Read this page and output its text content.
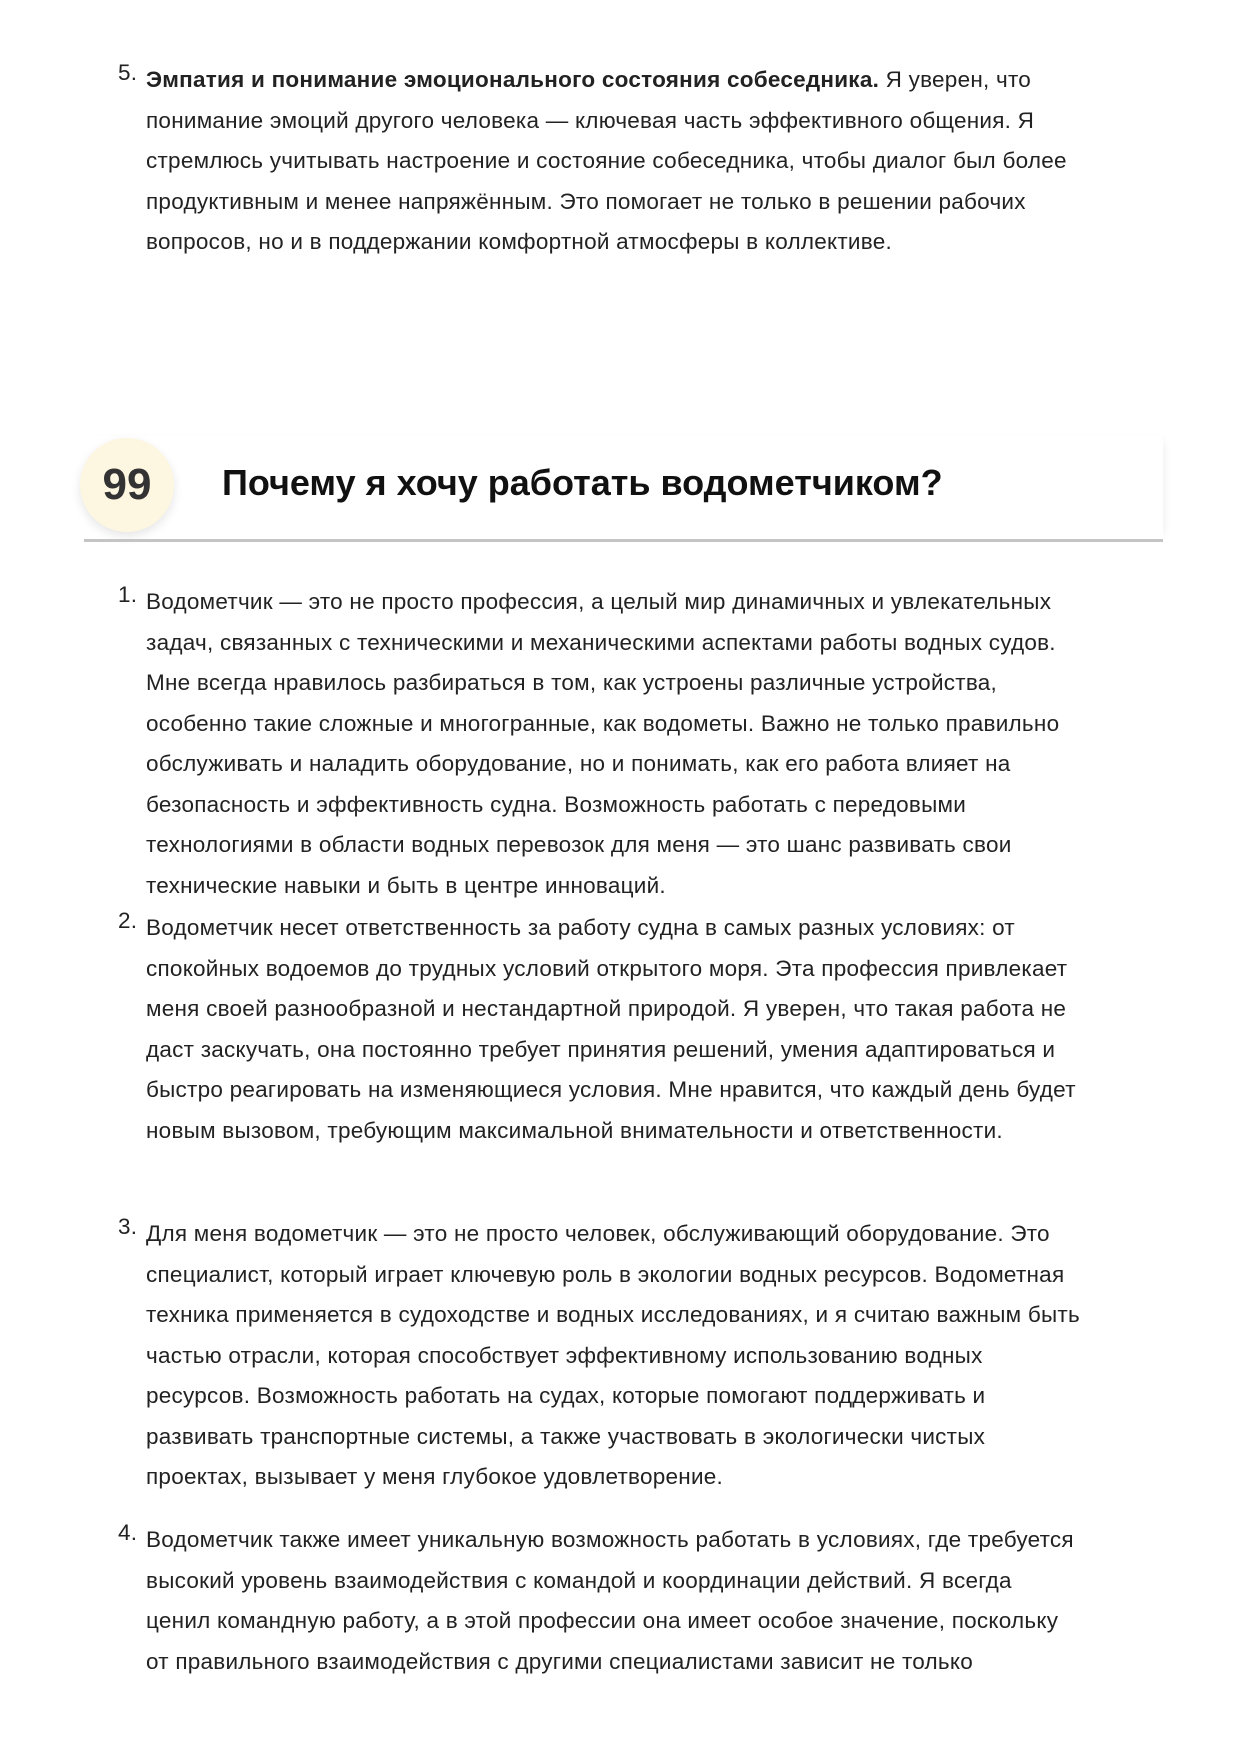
5. Эмпатия и понимание эмоционального состояния собеседника. Я уверен, что
понимание эмоций другого человека — ключевая часть эффективного общения. Я
стремлюсь учитывать настроение и состояние собеседника, чтобы диалог был более
продуктивным и менее напряжённым. Это помогает не только в решении рабочих
вопросов, но и в поддержании комфортной атмосферы в коллективе.
99	Почему я хочу работать водометчиком?
1. Водометчик — это не просто профессия, а целый мир динамичных и увлекательных
задач, связанных с техническими и механическими аспектами работы водных судов.
Мне всегда нравилось разбираться в том, как устроены различные устройства,
особенно такие сложные и многогранные, как водометы. Важно не только правильно
обслуживать и наладить оборудование, но и понимать, как его работа влияет на
безопасность и эффективность судна. Возможность работать с передовыми
технологиями в области водных перевозок для меня — это шанс развивать свои
технические навыки и быть в центре инноваций.
2. Водометчик несет ответственность за работу судна в самых разных условиях: от
спокойных водоемов до трудных условий открытого моря. Эта профессия привлекает
меня своей разнообразной и нестандартной природой. Я уверен, что такая работа не
даст заскучать, она постоянно требует принятия решений, умения адаптироваться и
быстро реагировать на изменяющиеся условия. Мне нравится, что каждый день будет
новым вызовом, требующим максимальной внимательности и ответственности.
3. Для меня водометчик — это не просто человек, обслуживающий оборудование. Это
специалист, который играет ключевую роль в экологии водных ресурсов. Водометная
техника применяется в судоходстве и водных исследованиях, и я считаю важным быть
частью отрасли, которая способствует эффективному использованию водных
ресурсов. Возможность работать на судах, которые помогают поддерживать и
развивать транспортные системы, а также участвовать в экологически чистых
проектах, вызывает у меня глубокое удовлетворение.
4. Водометчик также имеет уникальную возможность работать в условиях, где требуется
высокий уровень взаимодействия с командой и координации действий. Я всегда
ценил командную работу, а в этой профессии она имеет особое значение, поскольку
от правильного взаимодействия с другими специалистами зависит не только
